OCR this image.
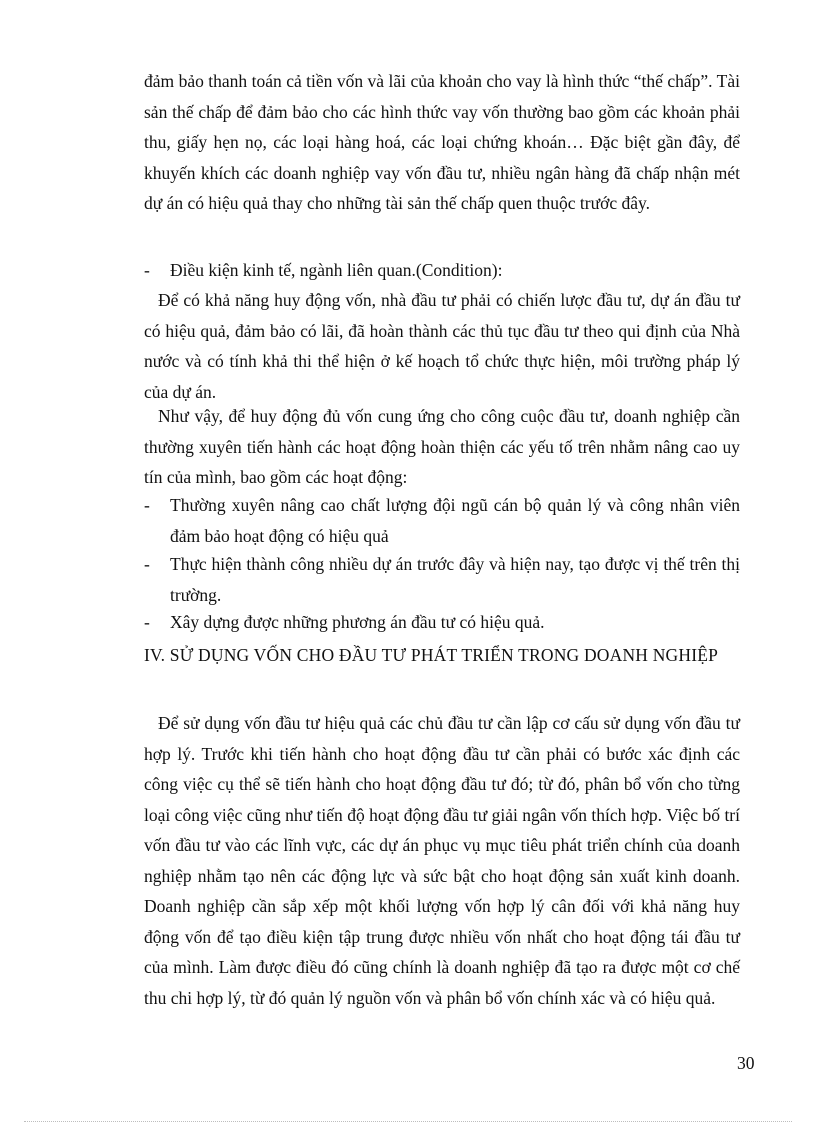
đảm bảo thanh toán cả tiền vốn và lãi của khoản cho vay là hình thức “thế chấp”. Tài sản thế chấp để đảm bảo cho các hình thức vay vốn thường bao gồm các khoản phải thu, giấy hẹn nọ, các loại hàng hoá, các loại chứng khoán… Đặc biệt gần đây, để khuyến khích các doanh nghiệp vay vốn đầu tư, nhiều ngân hàng đã chấp nhận mét dự án có hiệu quả thay cho những tài sản thế chấp quen thuộc trước đây.

- Điều kiện kinh tế, ngành liên quan.(Condition):

Để có khả năng huy động vốn, nhà đầu tư phải có chiến lược đầu tư, dự án đầu tư có hiệu quả, đảm bảo có lãi, đã hoàn thành các thủ tục đầu tư theo qui định của Nhà nước và có tính khả thi thể hiện ở kế hoạch tổ chức thực hiện, môi trường pháp lý của dự án.

Như vậy, để huy động đủ vốn cung ứng cho công cuộc đầu tư, doanh nghiệp cần thường xuyên tiến hành các hoạt động hoàn thiện các yếu tố trên nhằm nâng cao uy tín của mình, bao gồm các hoạt động:

- Thường xuyên nâng cao chất lượng đội ngũ cán bộ quản lý và công nhân viên đảm bảo hoạt động có hiệu quả
- Thực hiện thành công nhiều dự án trước đây và hiện nay, tạo được vị thế trên thị trường.
- Xây dựng được những phương án đầu tư có hiệu quả.
IV. SỬ DỤNG VỐN CHO ĐẦU TƯ PHÁT TRIỂN TRONG DOANH NGHIỆP

Để sử dụng vốn đầu tư hiệu quả các chủ đầu tư cần lập cơ cấu sử dụng vốn đầu tư hợp lý. Trước khi tiến hành cho hoạt động đầu tư cần phải có bước xác định các công việc cụ thể sẽ tiến hành cho hoạt động đầu tư đó; từ đó, phân bổ vốn cho từng loại công việc cũng như tiến độ hoạt động đầu tư giải ngân vốn thích hợp. Việc bố trí vốn đầu tư vào các lĩnh vực, các dự án phục vụ mục tiêu phát triển chính của doanh nghiệp nhằm tạo nên các động lực và sức bật cho hoạt động sản xuất kinh doanh. Doanh nghiệp cần sắp xếp một khối lượng vốn hợp lý cân đối với khả năng huy động vốn để tạo điều kiện tập trung được nhiều vốn nhất cho hoạt động tái đầu tư của mình. Làm được điều đó cũng chính là doanh nghiệp đã tạo ra được một cơ chế thu chi hợp lý, từ đó quản lý nguồn vốn và phân bổ vốn chính xác và có hiệu quả.

30
